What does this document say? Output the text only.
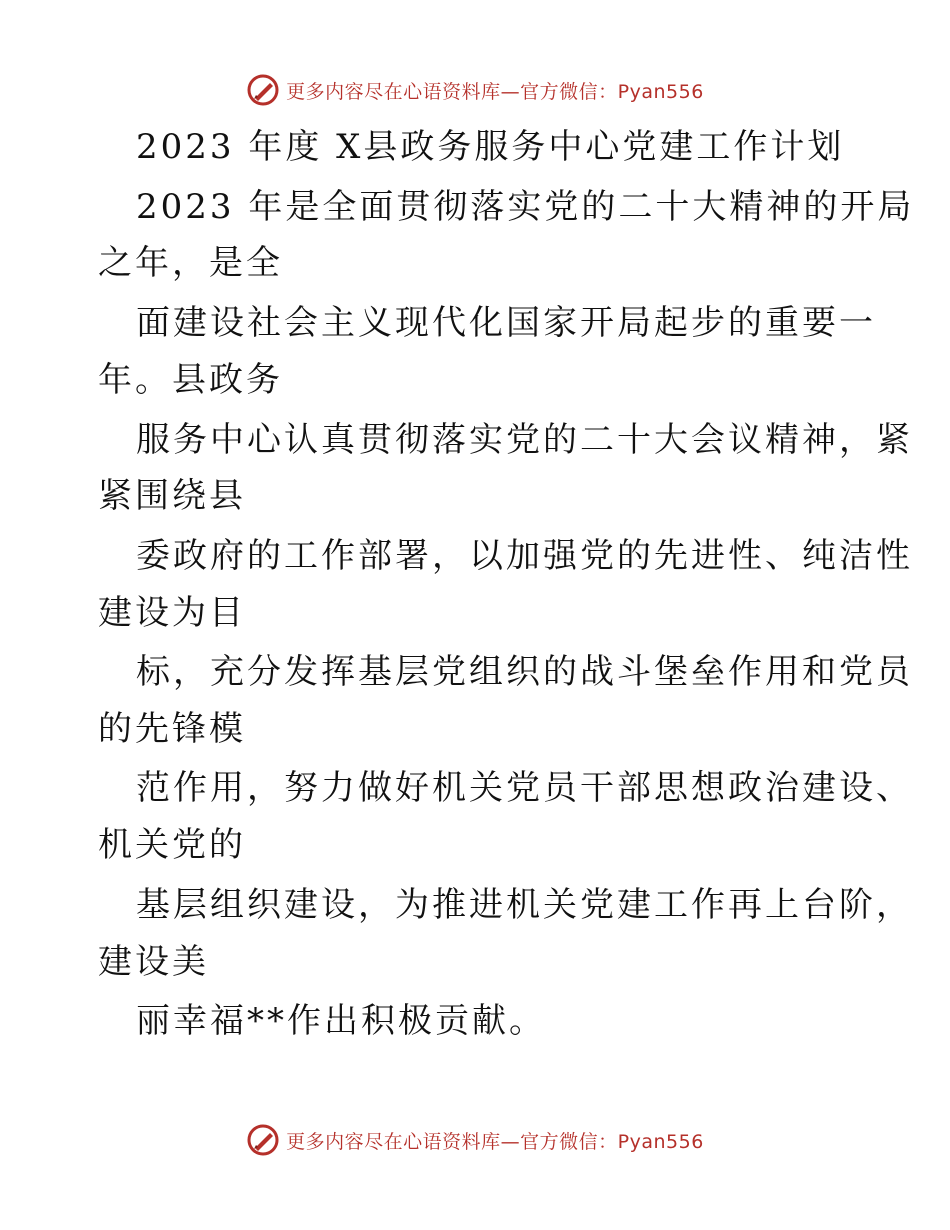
更多内容尽在心语资料库—官方微信：Pyan556
2023 年度 X县政务服务中心党建工作计划
2023 年是全面贯彻落实党的二十大精神的开局
之年，是全
面建设社会主义现代化国家开局起步的重要一
年。县政务
服务中心认真贯彻落实党的二十大会议精神，紧
紧围绕县
委政府的工作部署，以加强党的先进性、纯洁性
建设为目
标，充分发挥基层党组织的战斗堡垒作用和党员
的先锋模
范作用，努力做好机关党员干部思想政治建设、
机关党的
基层组织建设，为推进机关党建工作再上台阶，
建设美
丽幸福**作出积极贡献。
更多内容尽在心语资料库—官方微信：Pyan556
